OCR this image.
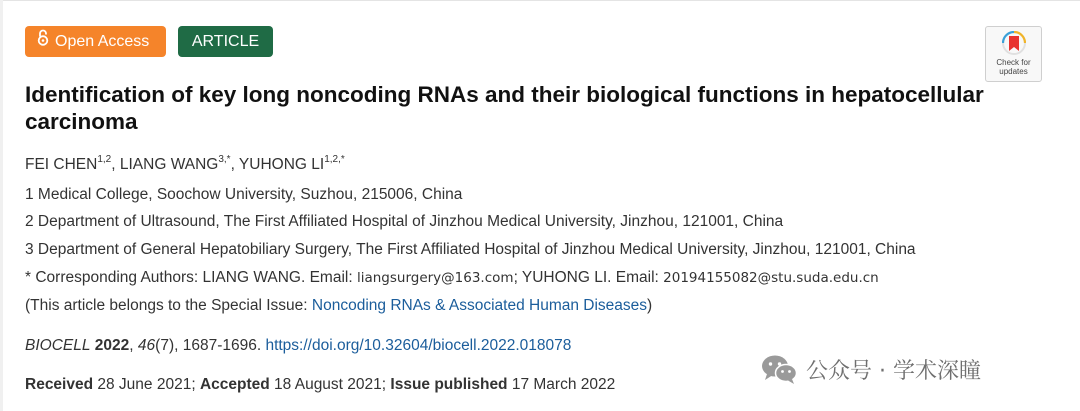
Open Access	ARTICLE
Check for
updates
Identification of key long noncoding RNAs and their biological functions in hepatocellular carcinoma
FEI CHEN$^{1,2}$, LIANG $WANG^{3,*}$, YUHONG $LI^{1,2,*}$
1 Medical College, Soochow University, Suzhou, 215006, China
2 Department of Ultrasound, The First Affiliated Hospital of Jinzhou Medical University, Jinzhou, 121001, China
3 Department of General Hepatobiliary Surgery, The First Affiliated Hospital of Jinzhou Medical University, Jinzhou, 121001, China
* Corresponding Authors: LIANG WANG. Email: liangsurgery@163.com; YUHONG LI. Email: 20194155082@stu.suda.edu.cn
(This article belongs to the Special Issue: Noncoding RNAs & Associated Human Diseases)
BIOCELL 2022, 46(7), 1687-1696. https://doi.org/10.32604/biocell.2022.018078
Received 28 June 2021; Accepted 18 August 2021; Issue published 17 March 2022
公众号 · 学术深瞳
